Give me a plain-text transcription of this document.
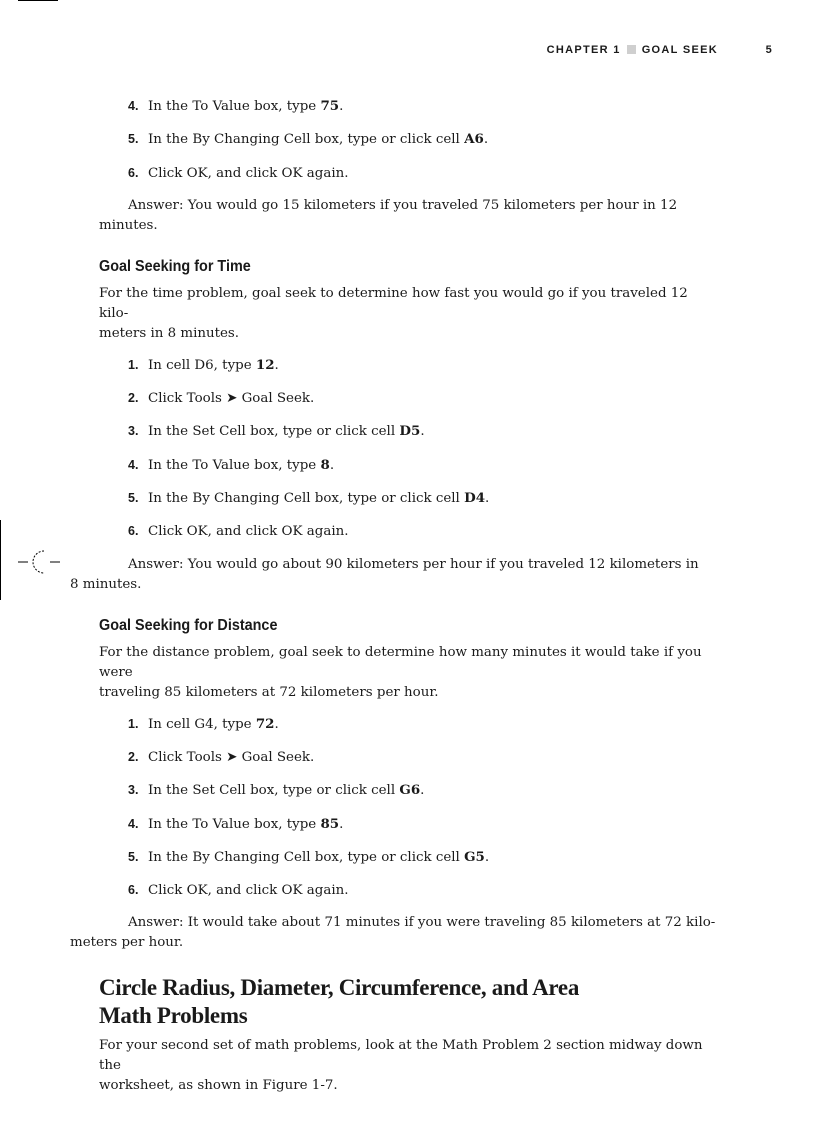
CHAPTER 1 GOAL SEEK	5
4. In the To Value box, type 75.
5. In the By Changing Cell box, type or click cell A6.
6. Click OK, and click OK again.

Answer: You would go 15 kilometers if you traveled 75 kilometers per hour in 12 minutes.

Goal Seeking for Time

For the time problem, goal seek to determine how fast you would go if you traveled 12 kilo-
meters in 8 minutes.

1. In cell D6, type 12.
2. Click Tools ➤ Goal Seek.
3. In the Set Cell box, type or click cell D5.
4. In the To Value box, type 8.
5. In the By Changing Cell box, type or click cell D4.
6. Click OK, and click OK again.

Answer: You would go about 90 kilometers per hour if you traveled 12 kilometers in
8 minutes.

Goal Seeking for Distance

For the distance problem, goal seek to determine how many minutes it would take if you were
traveling 85 kilometers at 72 kilometers per hour.

1. In cell G4, type 72.
2. Click Tools ➤ Goal Seek.
3. In the Set Cell box, type or click cell G6.
4. In the To Value box, type 85.
5. In the By Changing Cell box, type or click cell G5.
6. Click OK, and click OK again.

Answer: It would take about 71 minutes if you were traveling 85 kilometers at 72 kilo-
meters per hour.

Circle Radius, Diameter, Circumference, and Area
Math Problems

For your second set of math problems, look at the Math Problem 2 section midway down the
worksheet, as shown in Figure 1-7.
